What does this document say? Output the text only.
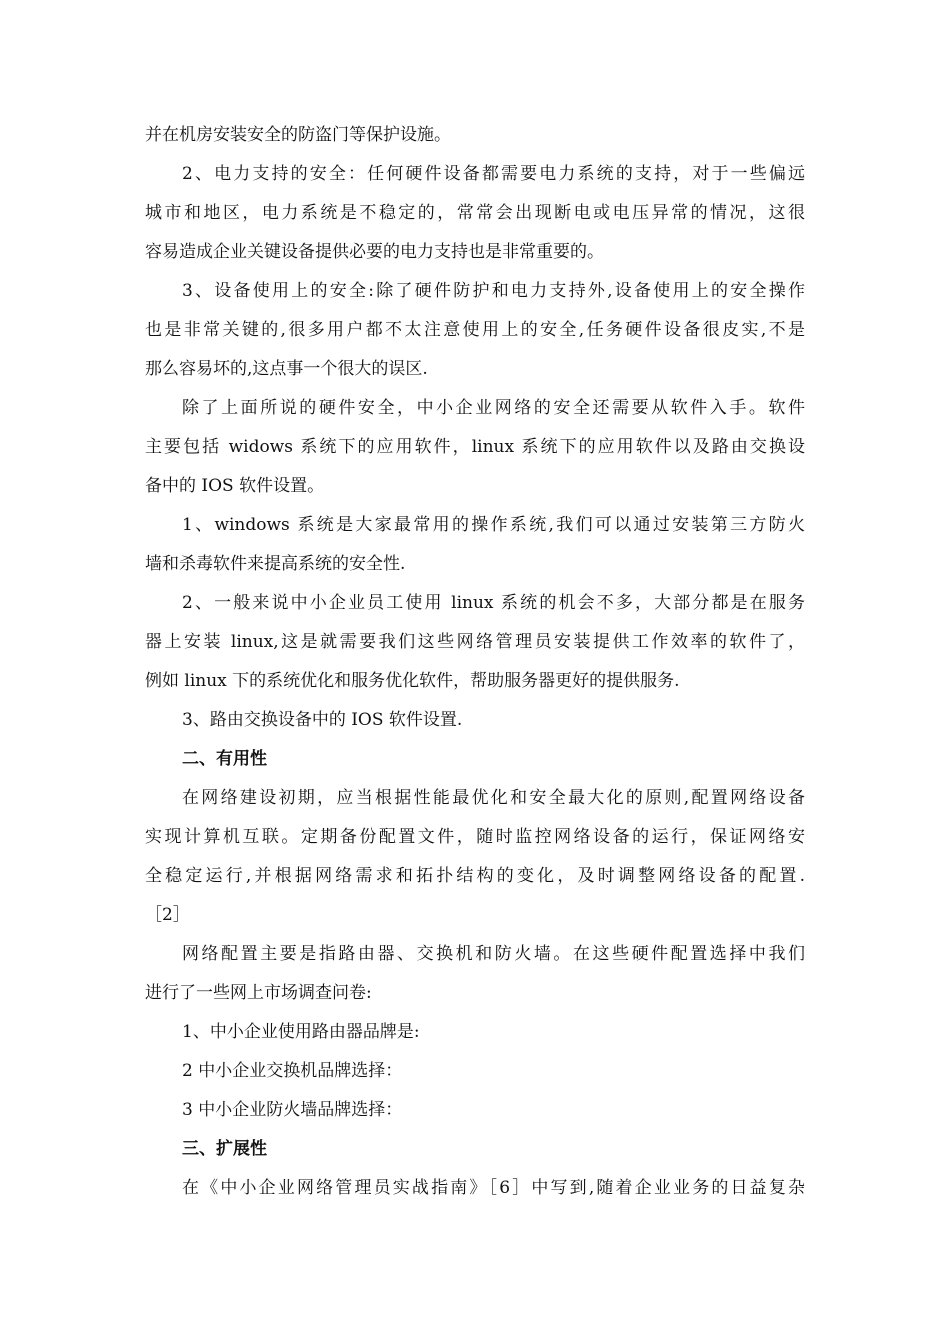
并在机房安装安全的防盗门等保护设施。
2、电力支持的安全：任何硬件设备都需要电力系统的支持，对于一些偏远
城市和地区，电力系统是不稳定的，常常会出现断电或电压异常的情况，这很
容易造成企业关键设备提供必要的电力支持也是非常重要的。
3、设备使用上的安全:除了硬件防护和电力支持外,设备使用上的安全操作
也是非常关键的,很多用户都不太注意使用上的安全,任务硬件设备很皮实,不是
那么容易坏的,这点事一个很大的误区.
除了上面所说的硬件安全，中小企业网络的安全还需要从软件入手。软件
主要包括 widows 系统下的应用软件，linux 系统下的应用软件以及路由交换设
备中的 IOS 软件设置。
1、windows 系统是大家最常用的操作系统,我们可以通过安装第三方防火
墙和杀毒软件来提高系统的安全性.
2、一般来说中小企业员工使用 linux 系统的机会不多，大部分都是在服务
器上安装 linux,这是就需要我们这些网络管理员安装提供工作效率的软件了，
例如 linux 下的系统优化和服务优化软件，帮助服务器更好的提供服务.
3、路由交换设备中的 IOS 软件设置.
二、有用性
在网络建设初期，应当根据性能最优化和安全最大化的原则,配置网络设备
实现计算机互联。定期备份配置文件，随时监控网络设备的运行，保证网络安
全稳定运行,并根据网络需求和拓扑结构的变化，及时调整网络设备的配置.
［2］
网络配置主要是指路由器、交换机和防火墙。在这些硬件配置选择中我们
进行了一些网上市场调查问卷:
1、中小企业使用路由器品牌是:
2 中小企业交换机品牌选择：
3 中小企业防火墙品牌选择：
三、扩展性
在《中小企业网络管理员实战指南》［6］中写到,随着企业业务的日益复杂
